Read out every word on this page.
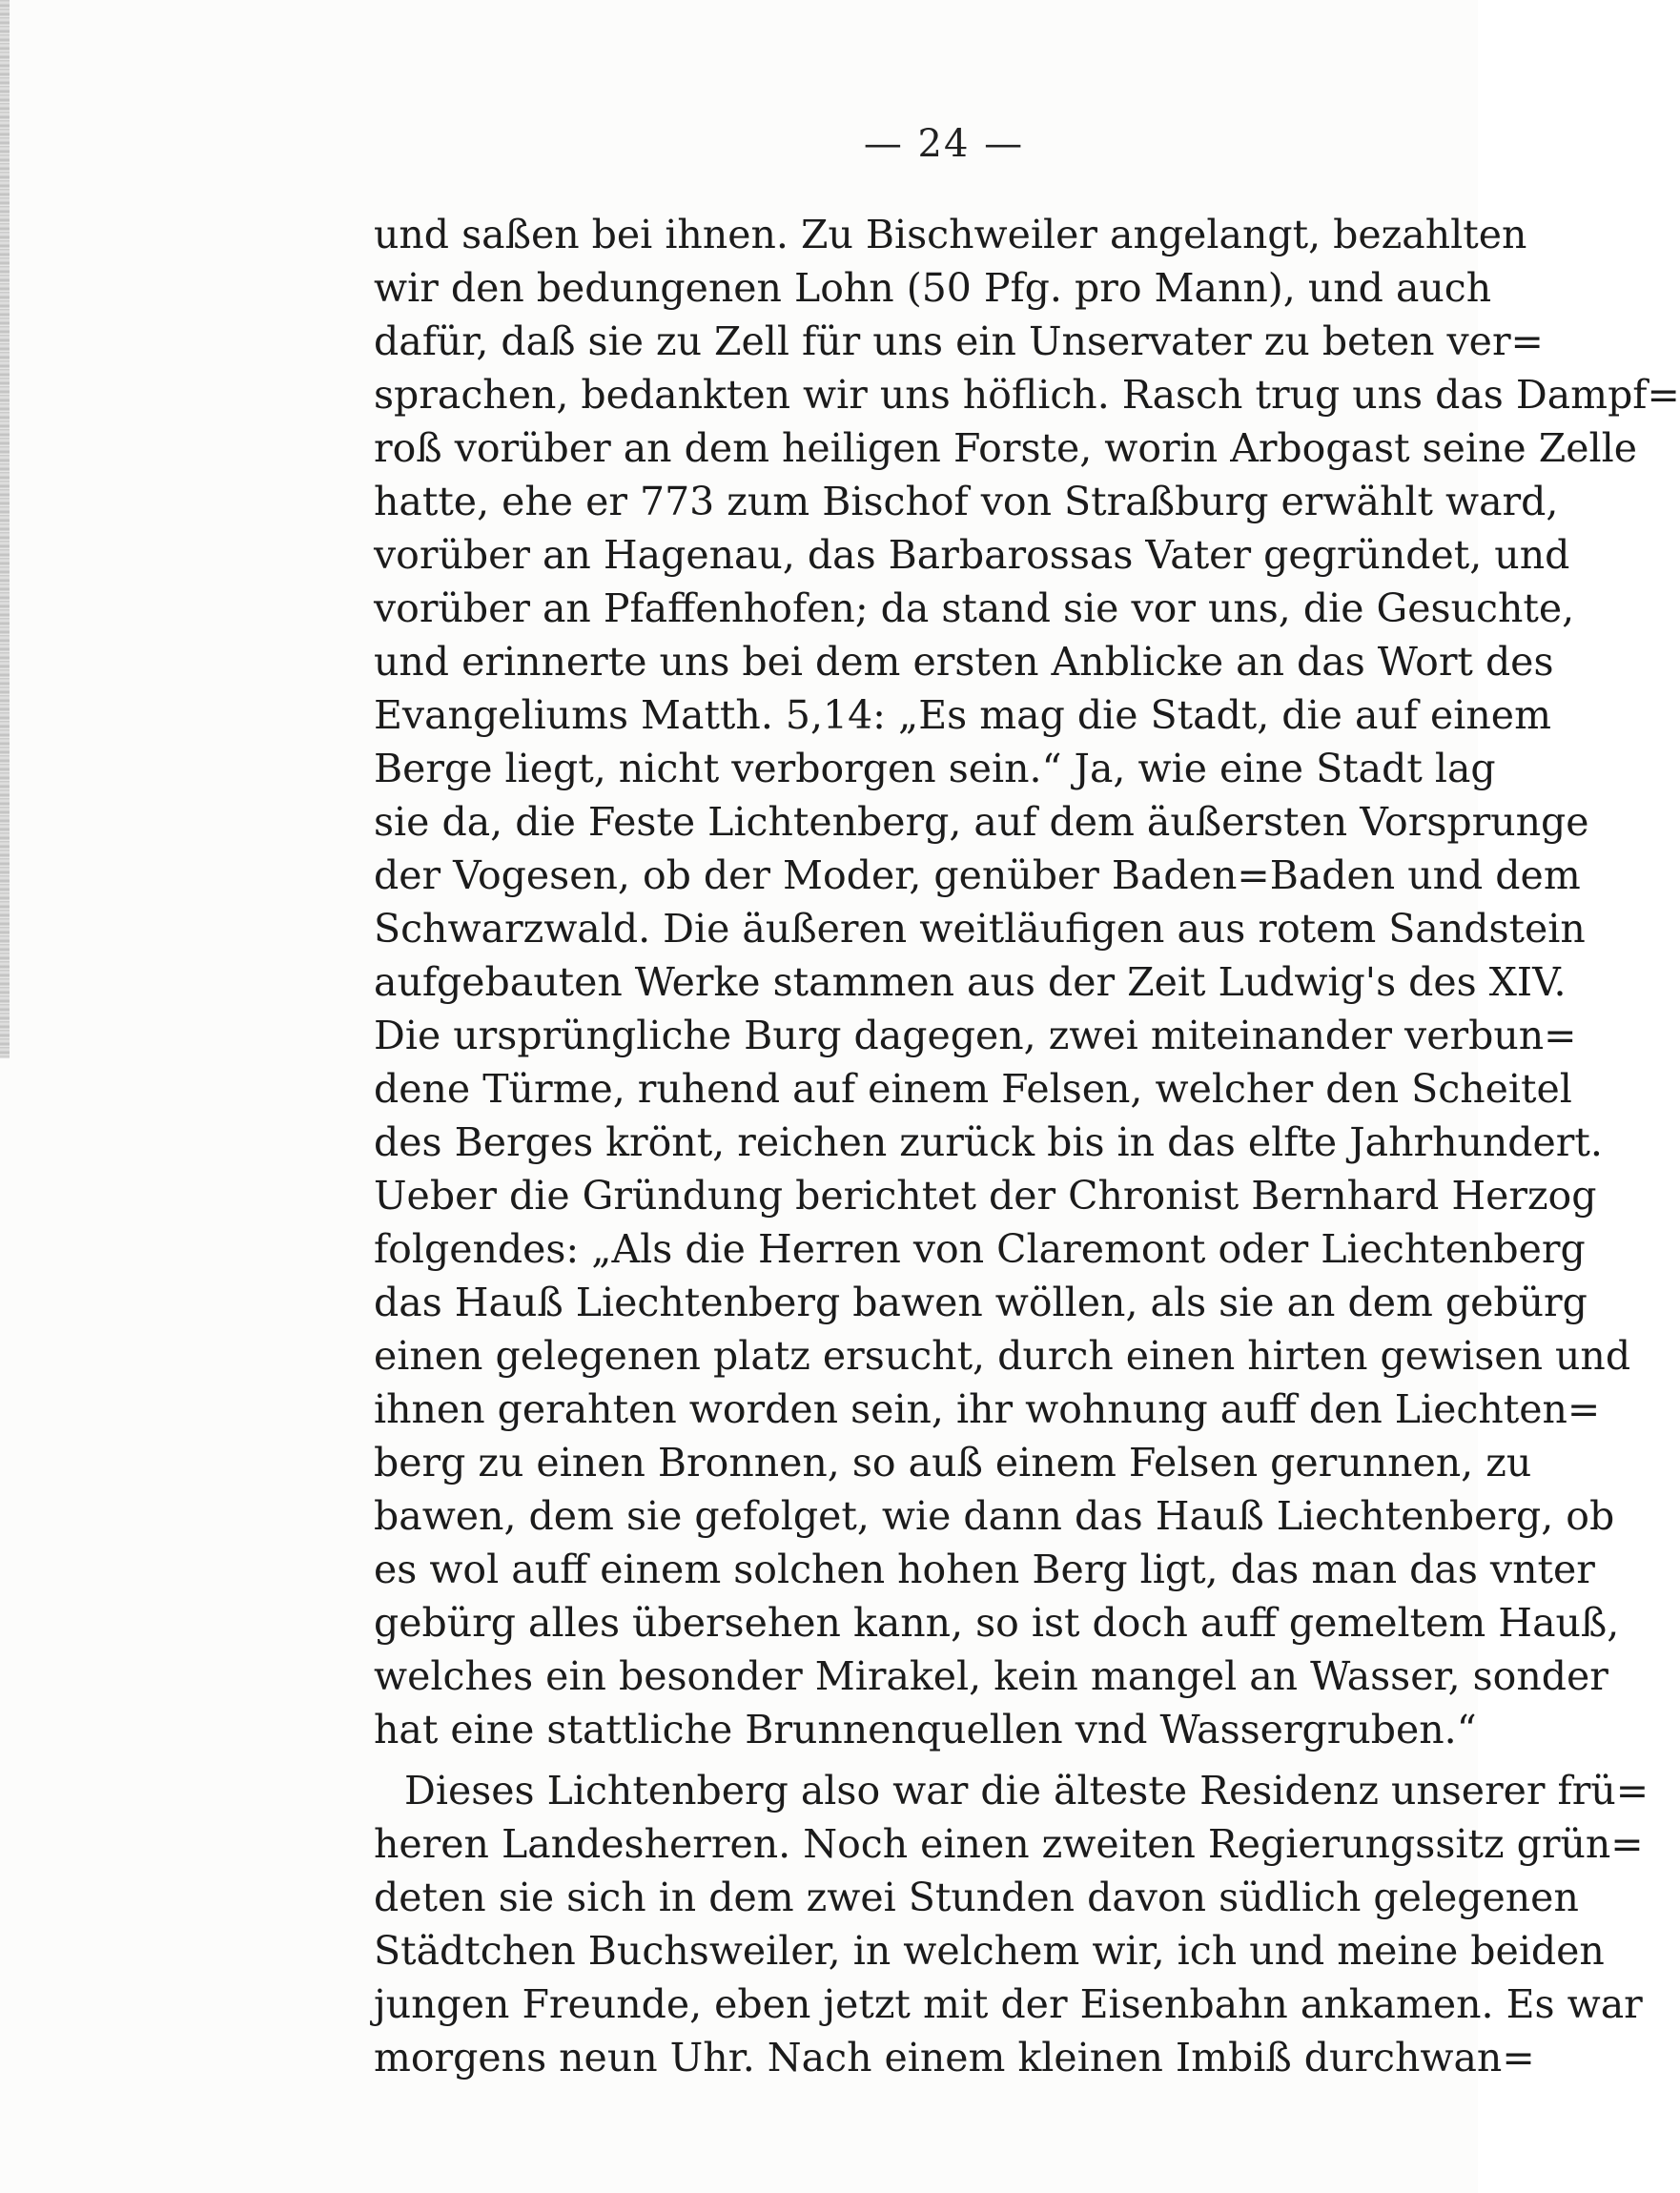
— 24 —
und saßen bei ihnen. Zu Bischweiler angelangt, bezahlten
wir den bedungenen Lohn (50 Pfg. pro Mann), und auch
dafür, daß sie zu Zell für uns ein Unservater zu beten ver=
sprachen, bedankten wir uns höflich. Rasch trug uns das Dampf=
roß vorüber an dem heiligen Forste, worin Arbogast seine Zelle
hatte, ehe er 773 zum Bischof von Straßburg erwählt ward,
vorüber an Hagenau, das Barbarossas Vater gegründet, und
vorüber an Pfaffenhofen; da stand sie vor uns, die Gesuchte,
und erinnerte uns bei dem ersten Anblicke an das Wort des
Evangeliums Matth. 5,14: „Es mag die Stadt, die auf einem
Berge liegt, nicht verborgen sein.“ Ja, wie eine Stadt lag
sie da, die Feste Lichtenberg, auf dem äußersten Vorsprunge
der Vogesen, ob der Moder, genüber Baden=Baden und dem
Schwarzwald. Die äußeren weitläufigen aus rotem Sandstein
aufgebauten Werke stammen aus der Zeit Ludwig's des XIV.
Die ursprüngliche Burg dagegen, zwei miteinander verbun=
dene Türme, ruhend auf einem Felsen, welcher den Scheitel
des Berges krönt, reichen zurück bis in das elfte Jahrhundert.
Ueber die Gründung berichtet der Chronist Bernhard Herzog
folgendes: „Als die Herren von Claremont oder Liechtenberg
das Hauß Liechtenberg bawen wöllen, als sie an dem gebürg
einen gelegenen platz ersucht, durch einen hirten gewisen und
ihnen gerahten worden sein, ihr wohnung auff den Liechten=
berg zu einen Bronnen, so auß einem Felsen gerunnen, zu
bawen, dem sie gefolget, wie dann das Hauß Liechtenberg, ob
es wol auff einem solchen hohen Berg ligt, das man das vnter
gebürg alles übersehen kann, so ist doch auff gemeltem Hauß,
welches ein besonder Mirakel, kein mangel an Wasser, sonder
hat eine stattliche Brunnenquellen vnd Wassergruben.“
Dieses Lichtenberg also war die älteste Residenz unserer frü=
heren Landesherren. Noch einen zweiten Regierungssitz grün=
deten sie sich in dem zwei Stunden davon südlich gelegenen
Städtchen Buchsweiler, in welchem wir, ich und meine beiden
jungen Freunde, eben jetzt mit der Eisenbahn ankamen. Es war
morgens neun Uhr. Nach einem kleinen Imbiß durchwan=
